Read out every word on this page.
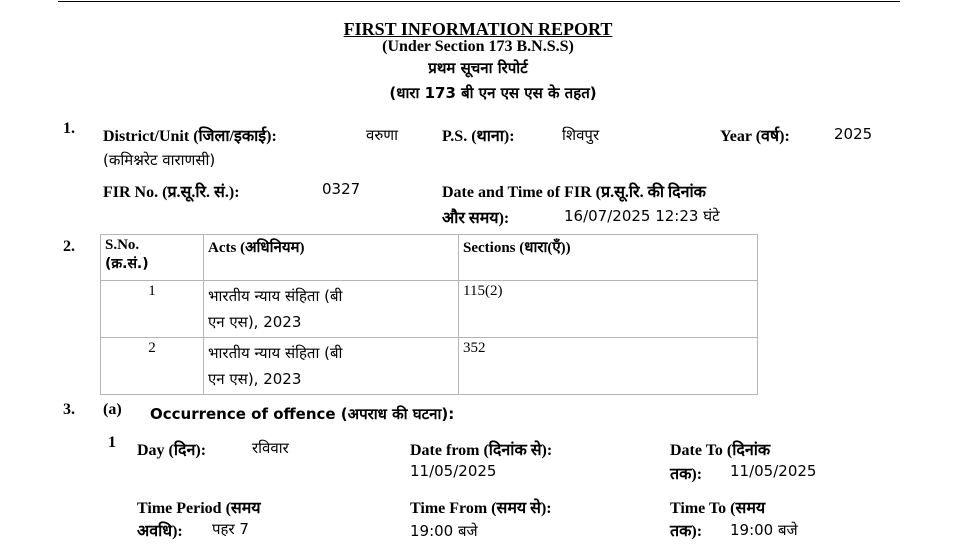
FIRST INFORMATION REPORT
(Under Section 173 B.N.S.S)
प्रथम सूचना रिपोर्ट
(धारा 173 बी एन एस एस के तहत)
1. District/Unit (जिला/इकाई):	वरुणा
(कमिश्नरेट वाराणसी)
P.S. (थाना):	शिवपुर	Year (वर्ष):	2025
FIR No. (प्र.सू.रि. सं.):	0327	Date and Time of FIR (प्र.सू.रि. की दिनांक
और समय):	16/07/2025 12:23 घंटे
2. S.No.
(क्र.सं.)	Acts (अधिनियम)	Sections (धारा(एँ))

1	भारतीय न्याय संहिता (बी
एन एस), 2023	115(2)
2	भारतीय न्याय संहिता (बी
एन एस), 2023	352
3. (a) Occurrence of offence (अपराध की घटना):
1 Day (दिन):	रविवार	Date from (दिनांक से):
11/05/2025
Date To (दिनांक
तक): 11/05/2025
Time Period (समय
अवधि): पहर 7
Time From (समय से):
19:00 बजे
Time To (समय
तक): 19:00 बजे
